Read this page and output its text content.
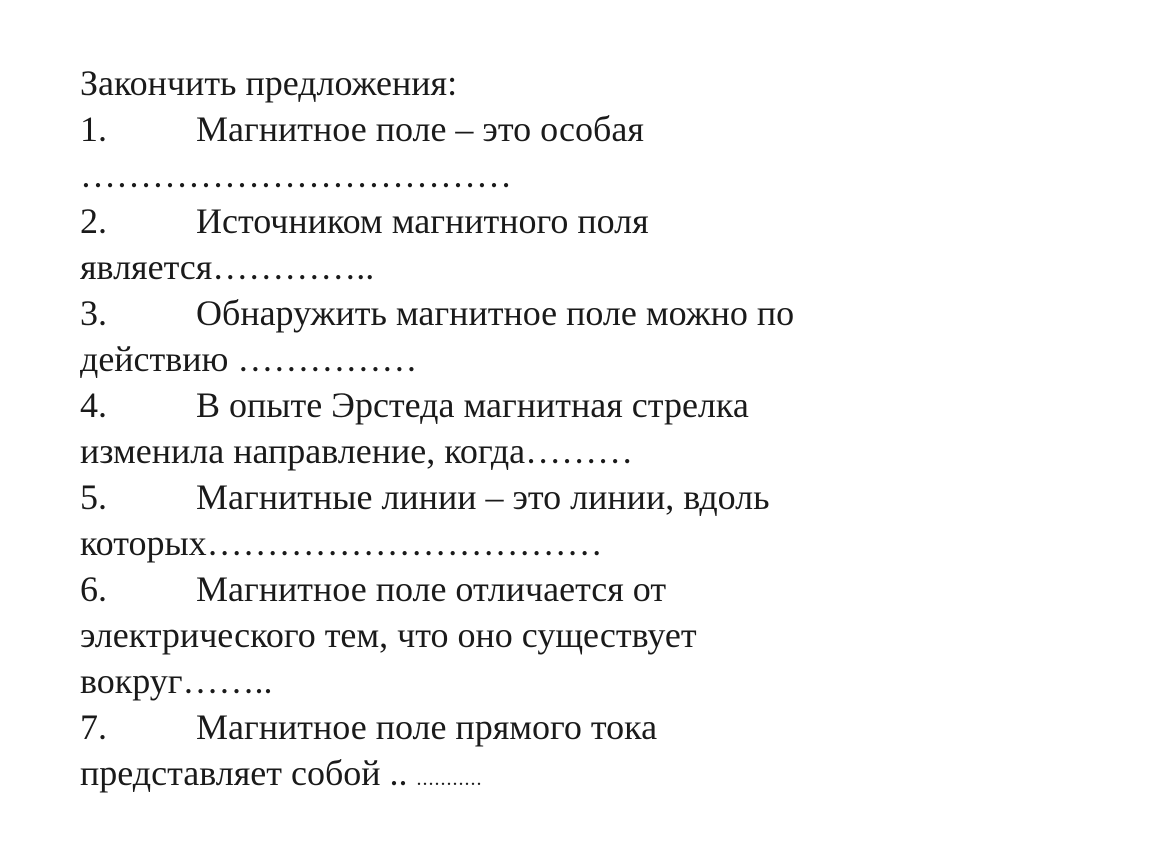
Закончить предложения:

1. Магнитное поле – это особая
………………………………

2. Источником магнитного поля
является…………..

3. Обнаружить магнитное поле можно по
действию ……………

4. В опыте Эрстеда магнитная стрелка
изменила направление, когда………

5. Магнитные линии – это линии, вдоль
которых……………………………

6. Магнитное поле отличается от
электрического тем, что оно существует
вокруг……..

7. Магнитное поле прямого тока
представляет собой .. ...........
